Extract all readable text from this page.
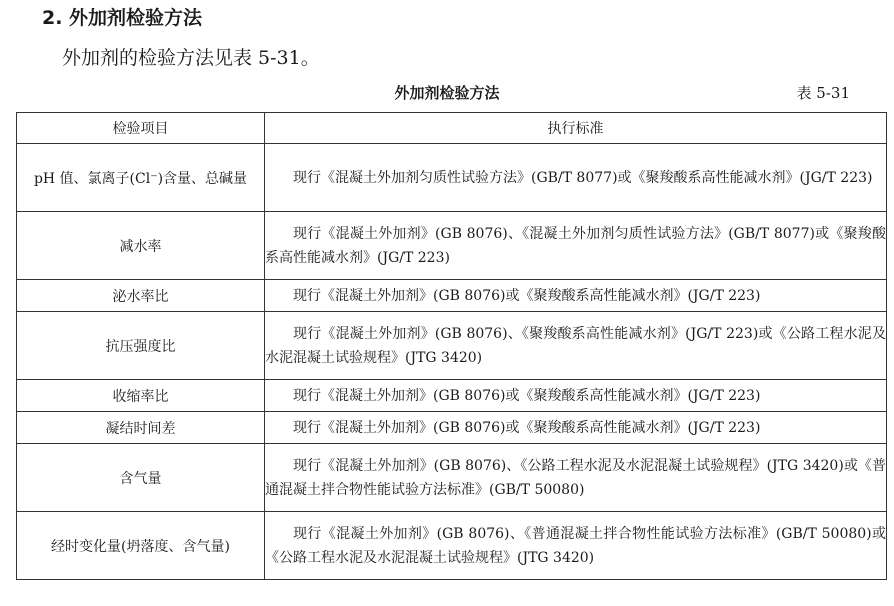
2. 外加剂检验方法
外加剂的检验方法见表 5-31。
外加剂检验方法	表 5-31
检验项目	执行标准
pH 值、氯离子(Cl⁻)含量、总碱量	现行《混凝土外加剂匀质性试验方法》(GB/T 8077)或《聚羧酸系高性能减水剂》(JG/T 223)
减水率	现行《混凝土外加剂》(GB 8076)、《混凝土外加剂匀质性试验方法》(GB/T 8077)或《聚羧酸系高性能减水剂》(JG/T 223)
泌水率比	现行《混凝土外加剂》(GB 8076)或《聚羧酸系高性能减水剂》(JG/T 223)
抗压强度比	现行《混凝土外加剂》(GB 8076)、《聚羧酸系高性能减水剂》(JG/T 223)或《公路工程水泥及水泥混凝土试验规程》(JTG 3420)
收缩率比	现行《混凝土外加剂》(GB 8076)或《聚羧酸系高性能减水剂》(JG/T 223)
凝结时间差	现行《混凝土外加剂》(GB 8076)或《聚羧酸系高性能减水剂》(JG/T 223)
含气量	现行《混凝土外加剂》(GB 8076)、《公路工程水泥及水泥混凝土试验规程》(JTG 3420)或《普通混凝土拌合物性能试验方法标准》(GB/T 50080)
经时变化量(坍落度、含气量)	现行《混凝土外加剂》(GB 8076)、《普通混凝土拌合物性能试验方法标准》(GB/T 50080)或《公路工程水泥及水泥混凝土试验规程》(JTG 3420)
